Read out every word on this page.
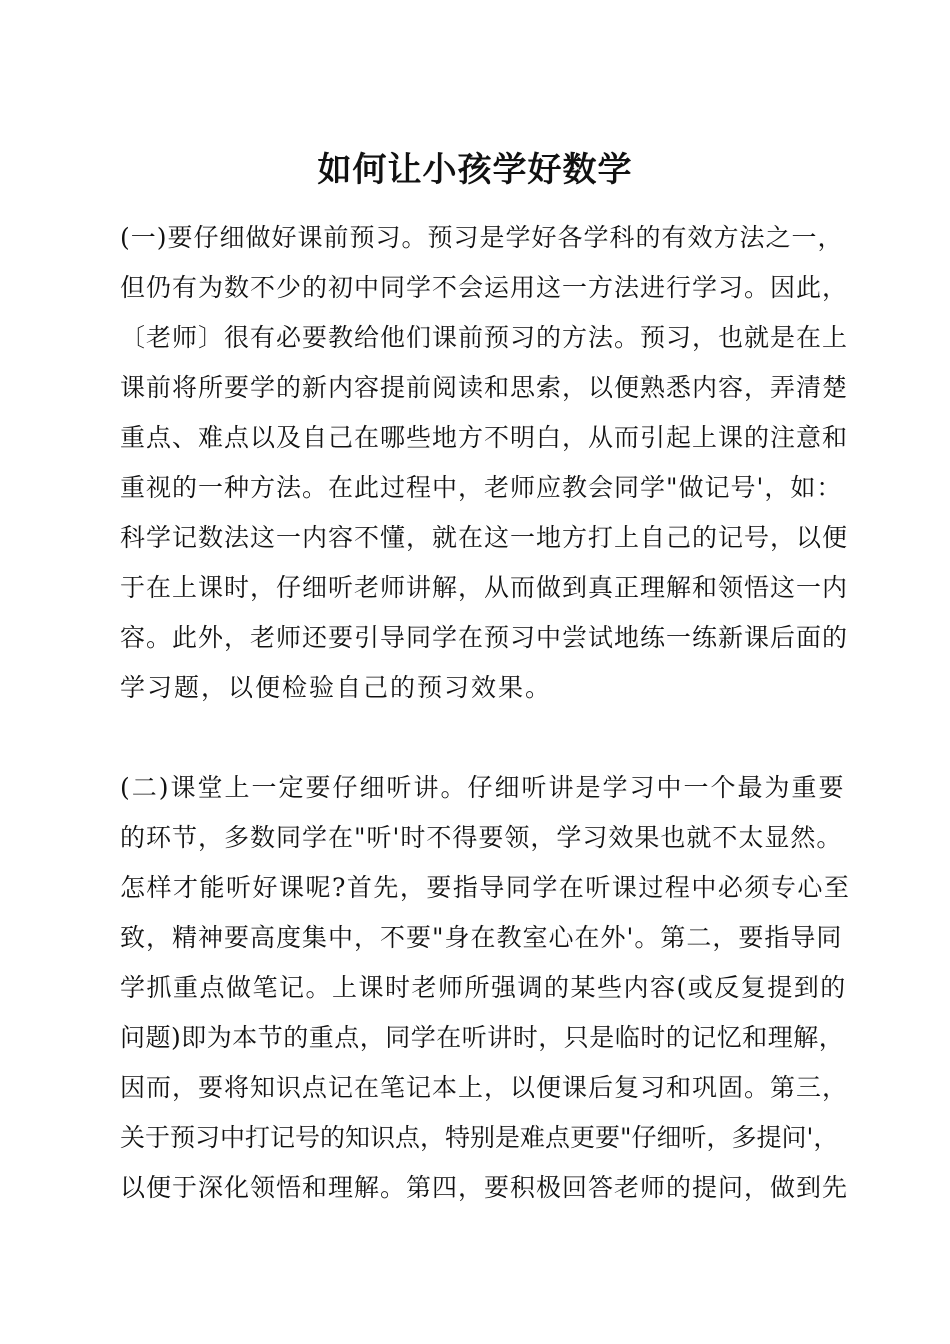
如何让小孩学好数学
(一)要仔细做好课前预习。预习是学好各学科的有效方法之一，
但仍有为数不少的初中同学不会运用这一方法进行学习。因此，
〔老师〕很有必要教给他们课前预习的方法。预习，也就是在上
课前将所要学的新内容提前阅读和思索，以便熟悉内容，弄清楚
重点、难点以及自己在哪些地方不明白，从而引起上课的注意和
重视的一种方法。在此过程中，老师应教会同学"做记号'，如：
科学记数法这一内容不懂，就在这一地方打上自己的记号，以便
于在上课时，仔细听老师讲解，从而做到真正理解和领悟这一内
容。此外，老师还要引导同学在预习中尝试地练一练新课后面的
学习题，以便检验自己的预习效果。
(二)课堂上一定要仔细听讲。仔细听讲是学习中一个最为重要
的环节，多数同学在"听'时不得要领，学习效果也就不太显然。
怎样才能听好课呢?首先，要指导同学在听课过程中必须专心至
致，精神要高度集中，不要"身在教室心在外'。第二，要指导同
学抓重点做笔记。上课时老师所强调的某些内容(或反复提到的
问题)即为本节的重点，同学在听讲时，只是临时的记忆和理解，
因而，要将知识点记在笔记本上，以便课后复习和巩固。第三，
关于预习中打记号的知识点，特别是难点更要"仔细听，多提问'，
以便于深化领悟和理解。第四，要积极回答老师的提问，做到先
